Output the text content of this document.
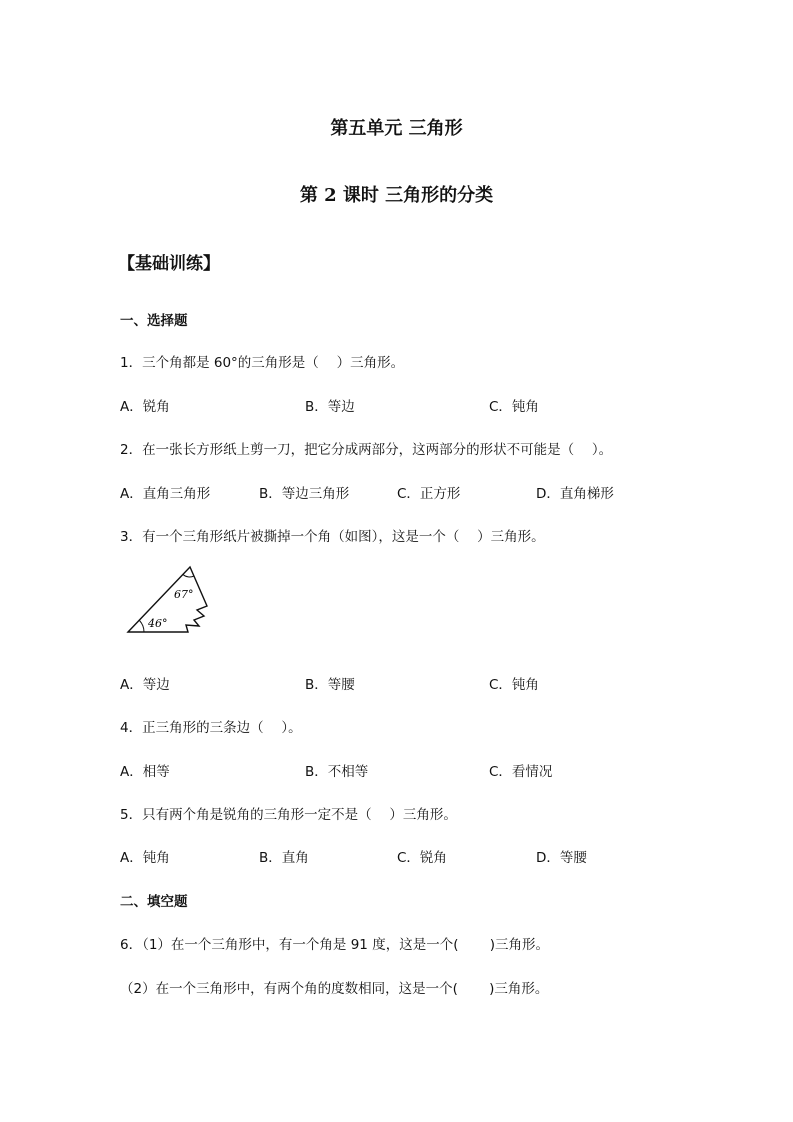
第五单元 三角形
第 2 课时 三角形的分类
【基础训练】
一、选择题
1．三个角都是 60°的三角形是（　 ）三角形。
A．锐角	B．等边	C．钝角
2．在一张长方形纸上剪一刀，把它分成两部分，这两部分的形状不可能是（　 ）。
A．直角三角形	B．等边三角形	C．正方形	D．直角梯形
3．有一个三角形纸片被撕掉一个角（如图），这是一个（　 ）三角形。
67°
46°
A．等边	B．等腰	C．钝角
4．正三角形的三条边（　 ）。
A．相等	B．不相等	C．看情况
5．只有两个角是锐角的三角形一定不是（　 ）三角形。
A．钝角	B．直角	C．锐角	D．等腰
二、填空题
6．（1）在一个三角形中，有一个角是 91 度，这是一个(　　 )三角形。
（2）在一个三角形中，有两个角的度数相同，这是一个(　　 )三角形。
